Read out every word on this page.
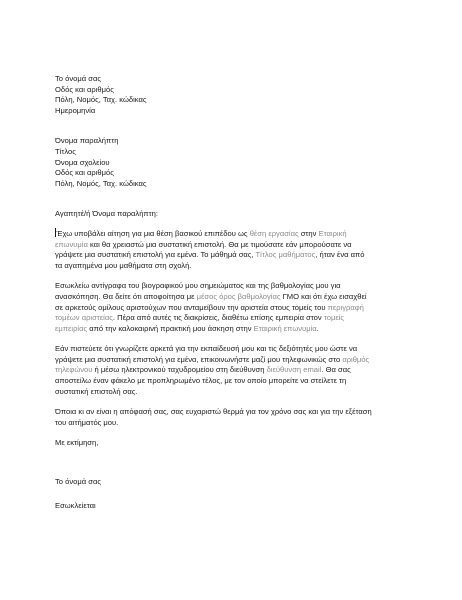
Το όνομά σας
Οδός και αριθμός
Πόλη, Νομός, Ταχ. κώδικας
Ημερομηνία
Όνομα παραλήπτη
Τίτλος
Όνομα σχολείου
Οδός και αριθμός
Πόλη, Νομός, Ταχ. κώδικας
Αγαπητέ/ή Όνομα παραλήπτη:

Έχω υποβάλει αίτηση για μια θέση βασικού επιπέδου ως θέση εργασίας στην Εταιρική
επωνυμία και θα χρειαστώ μια συστατική επιστολή. Θα με τιμούσατε εάν μπορούσατε να
γράψετε μια συστατική επιστολή για εμένα. Το μάθημά σας, Τίτλος μαθήματος, ήταν ένα από
τα αγαπημένα μου μαθήματα στη σχολή.

Εσωκλείω αντίγραφα του βιογραφικού μου σημειώματος και της βαθμολογίας μου για
ανασκόπηση. Θα δείτε ότι αποφοίτησα με μέσος όρος βαθμολογίας ΓΜΟ και ότι έχω εισαχθεί
σε αρκετούς ομίλους αριστούχων που ανταμείβουν την αριστεία στους τομείς του περιγραφή
τομέων αριστείας. Πέρα από αυτές τις διακρίσεις, διαθέτω επίσης εμπειρία στον τομείς
εμπειρίας από την καλοκαιρινή πρακτική μου άσκηση στην Εταιρική επωνυμία.

Εάν πιστεύετε ότι γνωρίζετε αρκετά για την εκπαίδευσή μου και τις δεξιότητές μου ώστε να
γράψετε μια συστατική επιστολή για εμένα, επικοινωνήστε μαζί μου τηλεφωνικώς στο αριθμός
τηλεφώνου ή μέσω ηλεκτρονικού ταχυδρομείου στη διεύθυνση διεύθυνση email. Θα σας
αποστείλω έναν φάκελο με προπληρωμένο τέλος, με τον οποίο μπορείτε να στείλετε τη
συστατική επιστολή σας.

Όποια κι αν είναι η απόφασή σας, σας ευχαριστώ θερμά για τον χρόνο σας και για την εξέταση
του αιτήματός μου.

Με εκτίμηση,
Το όνομά σας
Εσωκλείεται
